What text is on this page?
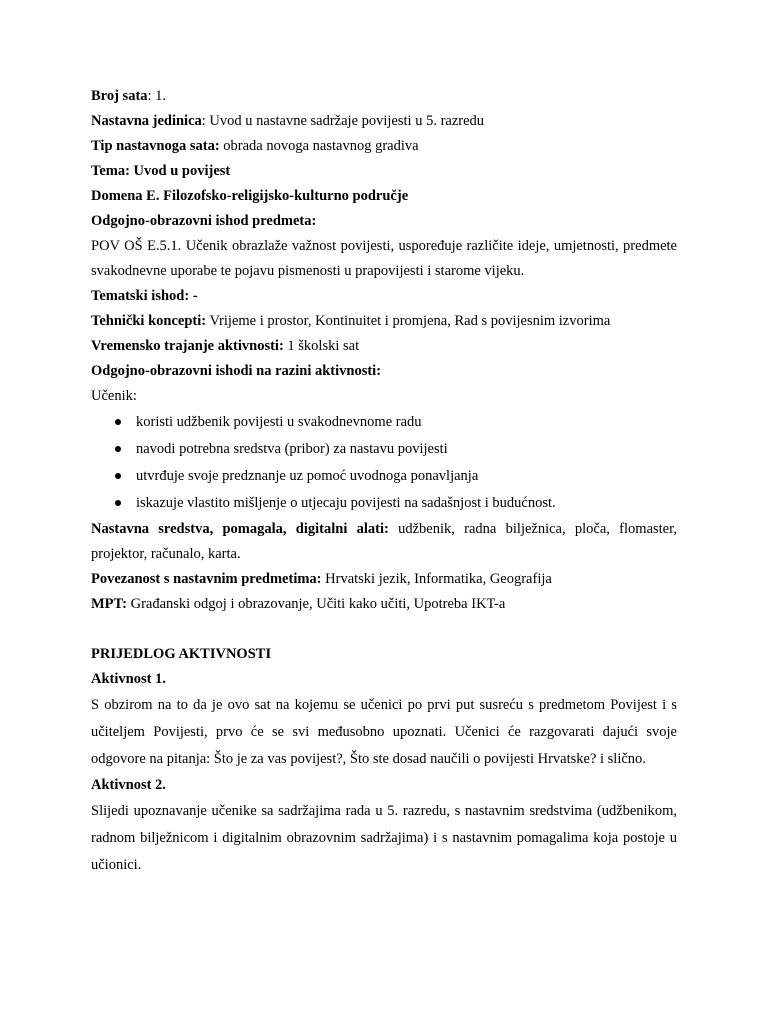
Broj sata: 1.
Nastavna jedinica: Uvod u nastavne sadržaje povijesti u 5. razredu
Tip nastavnoga sata: obrada novoga nastavnog gradiva
Tema: Uvod u povijest
Domena E. Filozofsko-religijsko-kulturno područje
Odgojno-obrazovni ishod predmeta:
POV OŠ E.5.1. Učenik obrazlaže važnost povijesti, uspoređuje različite ideje, umjetnosti, predmete svakodnevne uporabe te pojavu pismenosti u prapovijesti i starome vijeku.
Tematski ishod: -
Tehnički koncepti: Vrijeme i prostor, Kontinuitet i promjena, Rad s povijesnim izvorima
Vremensko trajanje aktivnosti: 1 školski sat
Odgojno-obrazovni ishodi na razini aktivnosti:
Učenik:
koristi udžbenik povijesti u svakodnevnome radu
navodi potrebna sredstva (pribor) za nastavu povijesti
utvrđuje svoje predznanje uz pomoć uvodnoga ponavljanja
iskazuje vlastito mišljenje o utjecaju povijesti na sadašnjost i budućnost.
Nastavna sredstva, pomagala, digitalni alati: udžbenik, radna bilježnica, ploča, flomaster, projektor, računalo, karta.
Povezanost s nastavnim predmetima: Hrvatski jezik, Informatika, Geografija
MPT: Građanski odgoj i obrazovanje, Učiti kako učiti, Upotreba IKT-a
PRIJEDLOG AKTIVNOSTI
Aktivnost 1.
S obzirom na to da je ovo sat na kojemu se učenici po prvi put susreću s predmetom Povijest i s učiteljem Povijesti, prvo će se svi međusobno upoznati. Učenici će razgovarati dajući svoje odgovore na pitanja: Što je za vas povijest?, Što ste dosad naučili o povijesti Hrvatske? i slično.
Aktivnost 2.
Slijedi upoznavanje učenike sa sadržajima rada u 5. razredu, s nastavnim sredstvima (udžbenikom, radnom bilježnicom i digitalnim obrazovnim sadržajima) i s nastavnim pomagalima koja postoje u učionici.
